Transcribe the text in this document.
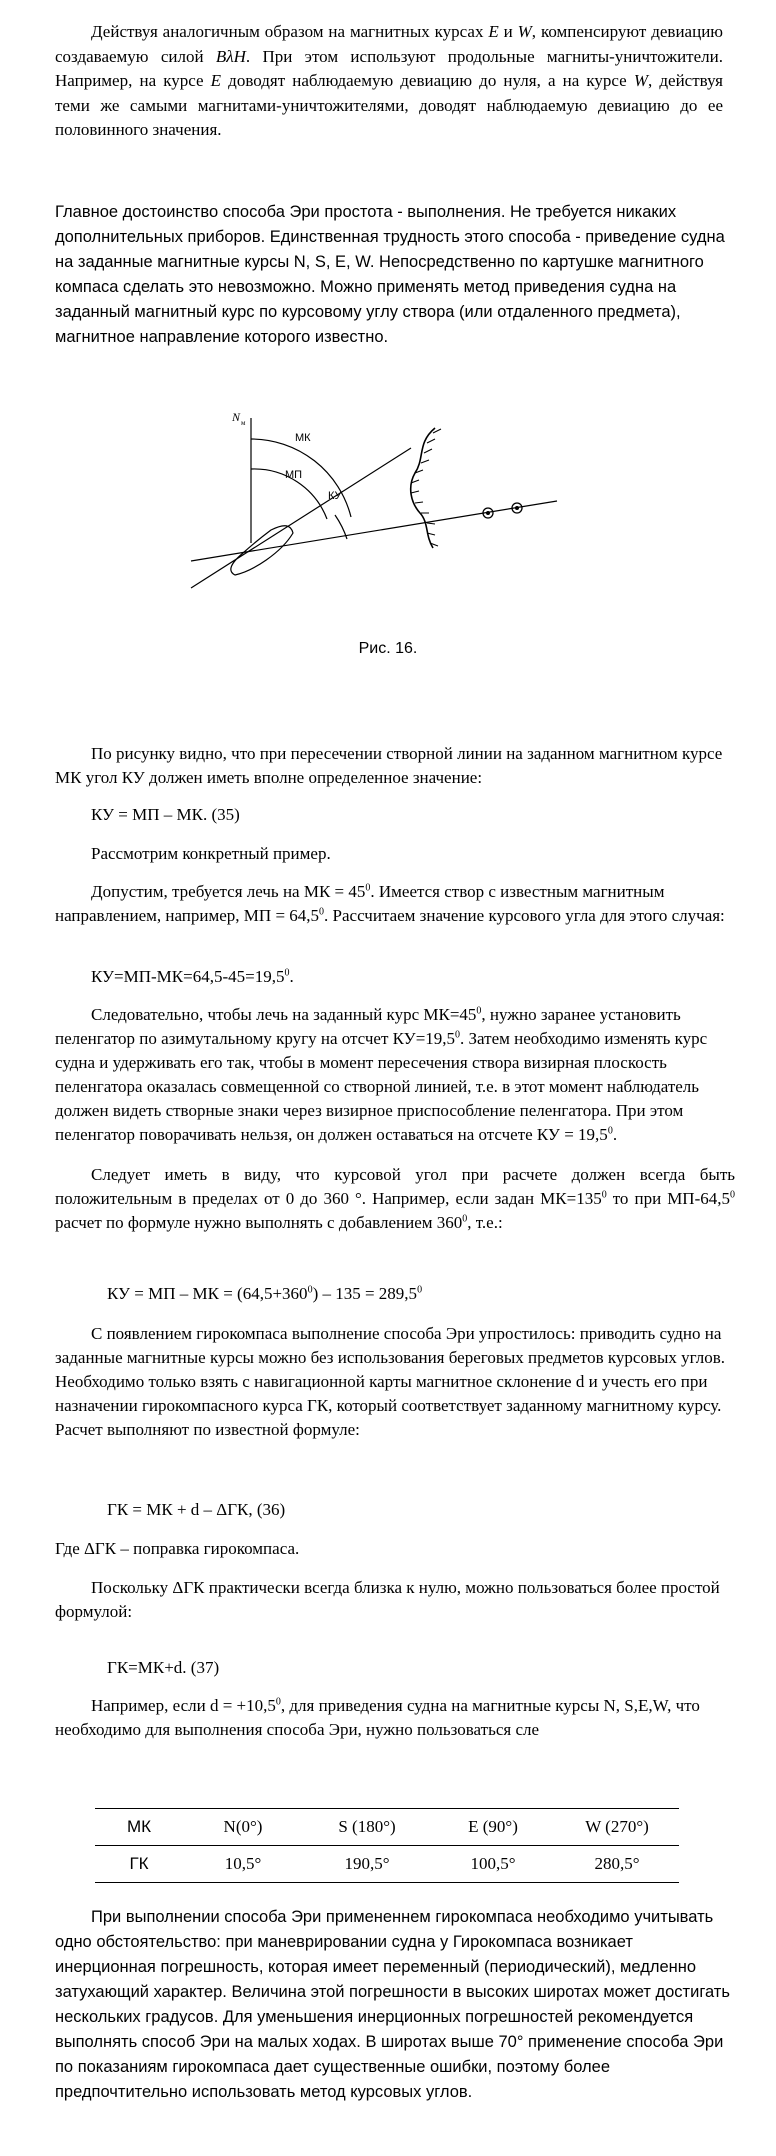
Действуя аналогичным образом на магнитных курсах E и W, компенсируют девиацию создаваемую силой BλH. При этом используют продольные магниты-уничтожители. Например, на курсе E доводят наблюдаемую девиацию до нуля, а на курсе W, действуя теми же самыми магнитами-уничтожителями, доводят наблюдаемую девиацию до ее половинного значения.

Главное достоинство способа Эри простота - выполнения. Не требуется никаких дополнительных приборов. Единственная трудность этого способа - приведение судна на заданные магнитные курсы N, S, E, W. Непосредственно по картушке магнитного компаса сделать это невозможно. Можно применять метод приведения судна на заданный магнитный курс по курсовому углу створа (или отдаленного предмета), магнитное направление которого известно.

N м
МК
МП
КУ
Рис. 16.

По рисунку видно, что при пересечении створной линии на заданном магнитном курсе МК угол КУ должен иметь вполне определенное значение:

КУ = МП – МК. (35)

Рассмотрим конкретный пример.

Допустим, требуется лечь на МК = $45^0$. Имеется створ с известным магнитным направлением, например, МП = $64,5^0$. Рассчитаем значение курсового угла для этого случая:

$КУ=МП-МК=64,5-45=19,5^0$.

Следовательно, чтобы лечь на заданный курс $МК=45^0$, нужно заранее установить пеленгатор по азимутальному кругу на отсчет $КУ=19,5^0$. Затем необходимо изменять курс судна и удерживать его так, чтобы в момент пересечения створа визирная плоскость пеленгатора оказалась совмещенной со створной линией, т.е. в этот момент наблюдатель должен видеть створные знаки через визирное приспособление пеленгатора. При этом пеленгатор поворачивать нельзя, он должен оставаться на отсчете КУ = $19,5^0$.

Следует иметь в виду, что курсовой угол при расчете должен всегда быть положительным в пределах от 0 до 360 °. Например, если задан $МК=135^0$ то при МП-64,5$^0$ расчет по формуле нужно выполнять с добавлением $360^0$, т.е.:

КУ = МП – МК = $(64,5+360^0) - 135 = 289,5^0$

С появлением гирокомпаса выполнение способа Эри упростилось: приводить судно на заданные магнитные курсы можно без использования береговых предметов курсовых углов. Необходимо только взять с навигационной карты магнитное склонение d и учесть его при назначении гирокомпасного курса ГК, который соответствует заданному магнитному курсу. Расчет выполняют по известной формуле:

ГК = МК + d – ΔГК, (36)

Где ΔГК – поправка гирокомпаса.

Поскольку ΔГК практически всегда близка к нулю, можно пользоваться более простой формулой:

ГК=МК+d. (37)

Например, если $d = +10,5^0$, для приведения судна на магнитные курсы N, S,E,W, что необходимо для выполнения способа Эри, нужно пользоваться сле

МК	N(0°)	S (180°)	E (90°)	W (270°)
ГК	10,5°	190,5°	100,5°	280,5°

При выполнении способа Эри примененнем гирокомпаса необходимо учитывать одно обстоятельство: при маневрировании судна у Гирокомпаса возникает инерционная погрешность, которая имеет переменный (периодический), медленно затухающий характер. Величина этой погрешности в высоких широтах может достигать нескольких градусов. Для уменьшения инерционных погрешностей рекомендуется выполнять способ Эри на малых ходах. В широтах выше 70° применение способа Эри по показаниям гирокомпаса дает существенные ошибки, поэтому более предпочтительно использовать метод курсовых углов.
